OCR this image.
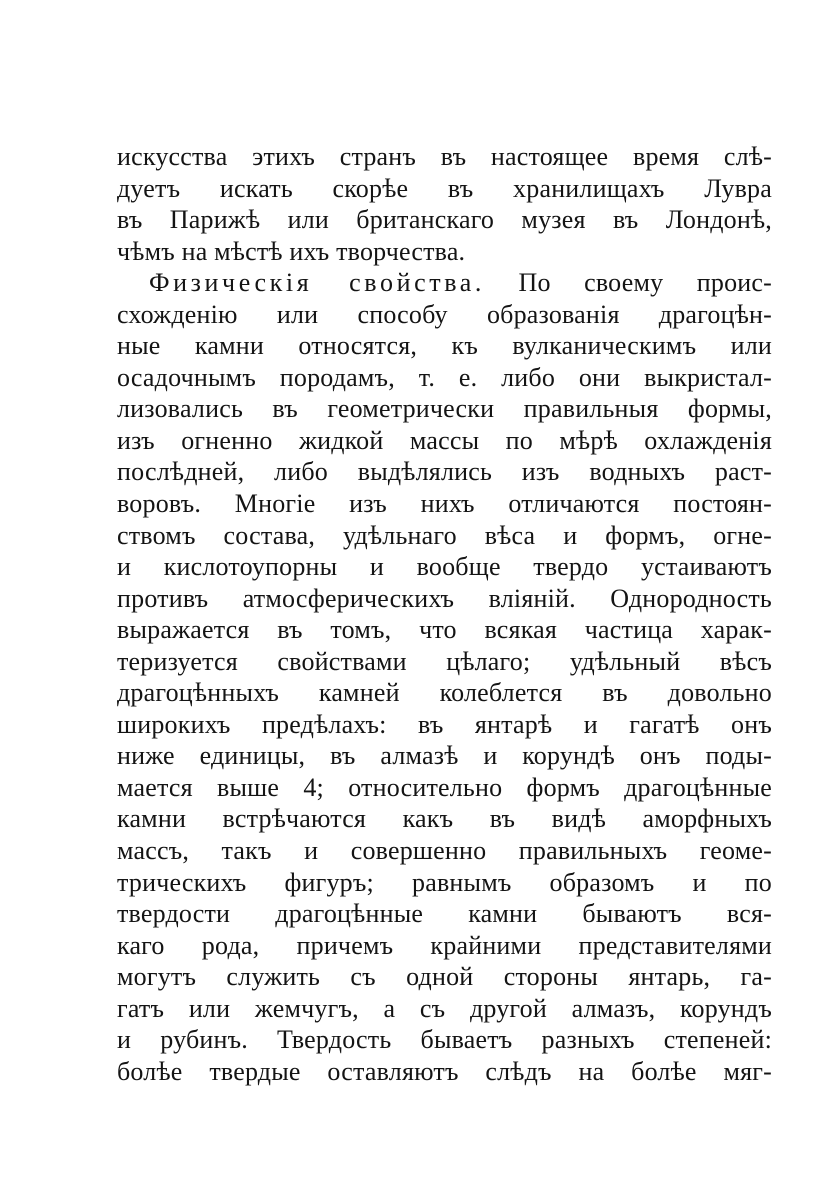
искусства этихъ странъ въ настоящее время слѣ-
дуетъ искать скорѣе въ хранилищахъ Лувра
въ Парижѣ или британскаго музея въ Лондонѣ,
чѣмъ на мѣстѣ ихъ творчества.
Физическія свойства. По своему проис-
схожденію или способу образованія драгоцѣн-
ные камни относятся, къ вулканическимъ или
осадочнымъ породамъ, т. е. либо они выкристал-
лизовались въ геометрически правильныя формы,
изъ огненно жидкой массы по мѣрѣ охлажденія
послѣдней, либо выдѣлялись изъ водныхъ раст-
воровъ. Многіе изъ нихъ отличаются постоян-
ствомъ состава, удѣльнаго вѣса и формъ, огне-
и кислотоупорны и вообще твердо устаиваютъ
противъ атмосферическихъ вліяній. Однородность
выражается въ томъ, что всякая частица харак-
теризуется свойствами цѣлаго; удѣльный вѣсъ
драгоцѣнныхъ камней колеблется въ довольно
широкихъ предѣлахъ: въ янтарѣ и гагатѣ онъ
ниже единицы, въ алмазѣ и корундѣ онъ поды-
мается выше 4; относительно формъ драгоцѣнные
камни встрѣчаются какъ въ видѣ аморфныхъ
массъ, такъ и совершенно правильныхъ геоме-
трическихъ фигуръ; равнымъ образомъ и по
твердости драгоцѣнные камни бываютъ вся-
каго рода, причемъ крайними представителями
могутъ служить съ одной стороны янтарь, га-
гатъ или жемчугъ, а съ другой алмазъ, корундъ
и рубинъ. Твердость бываетъ разныхъ степеней:
болѣе твердые оставляютъ слѣдъ на болѣе мяг-
